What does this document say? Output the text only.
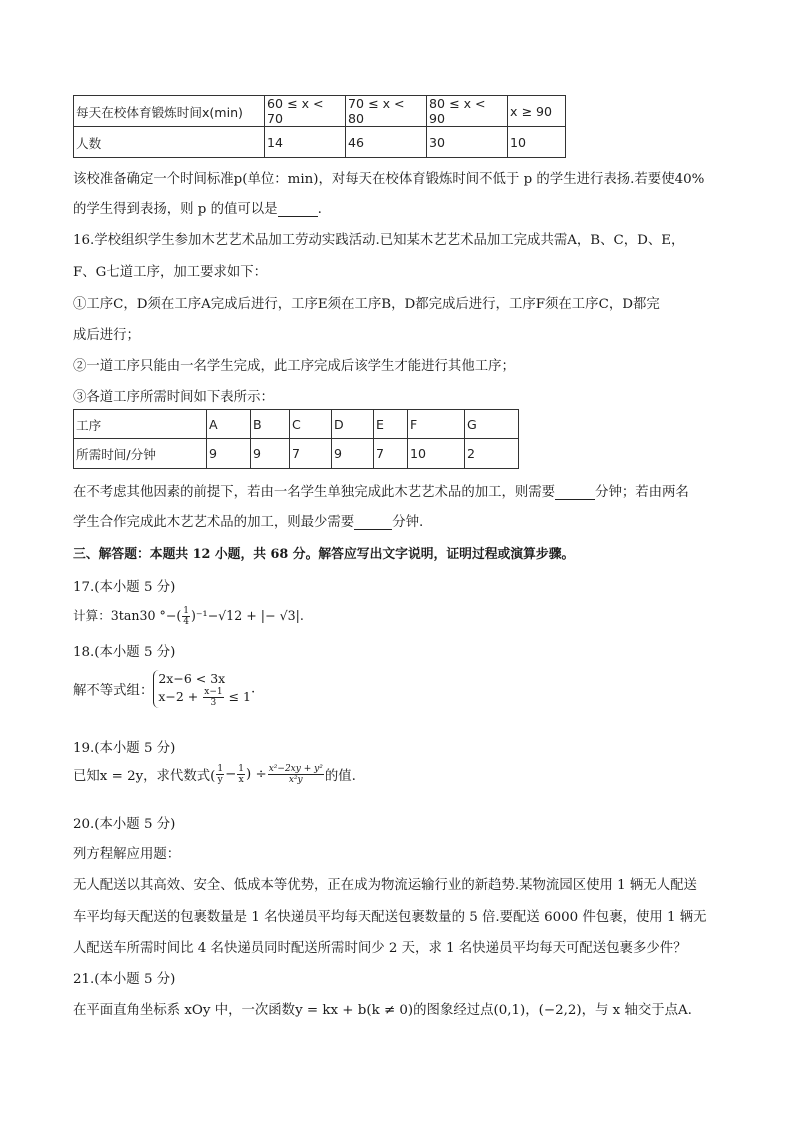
每天在校体育锻炼时间x(min)	60 ≤ x < 70	70 ≤ x < 80	80 ≤ x < 90	x ≥ 90
人数	14	46	30	10
该校准备确定一个时间标准p(单位：min)，对每天在校体育锻炼时间不低于 p 的学生进行表扬.若要使40%
的学生得到表扬，则 p 的值可以是	.
16.学校组织学生参加木艺艺术品加工劳动实践活动.已知某木艺艺术品加工完成共需A，B、C，D、E，
F、G七道工序，加工要求如下：
①工序C，D须在工序A完成后进行，工序E须在工序B，D都完成后进行，工序F须在工序C，D都完
成后进行；
②一道工序只能由一名学生完成，此工序完成后该学生才能进行其他工序；
③各道工序所需时间如下表所示：
工序	A	B	C	D	E	F	G
所需时间/分钟	9	9	7	9	7	10	2
在不考虑其他因素的前提下，若由一名学生单独完成此木艺艺术品的加工，则需要	分钟；若由两名
学生合作完成此木艺艺术品的加工，则最少需要	分钟.
三、解答题：本题共 12 小题，共 68 分。解答应写出文字说明，证明过程或演算步骤。
17.(本小题 5 分)
计算：3tan30 °−( $\frac{1}{4} )^{-1}-√12$ + |− √3|.
18.(本小题 5 分)
解不等式组：
2x−6 < 3x
$x-2 + \frac{x-1}{3} \le 1$ .
19.(本小题 5 分)
已知x = 2y，求代数式( $\frac{1}{y} - \frac{1}{x}$ ) ÷ $\frac{\text{x²−2xy + y²}}{\text{x²y}}$ 的值.
20.(本小题 5 分)
列方程解应用题：
无人配送以其高效、安全、低成本等优势，正在成为物流运输行业的新趋势.某物流园区使用 1 辆无人配送
车平均每天配送的包裹数量是 1 名快递员平均每天配送包裹数量的 5 倍.要配送 6000 件包裹，使用 1 辆无
人配送车所需时间比 4 名快递员同时配送所需时间少 2 天，求 1 名快递员平均每天可配送包裹多少件？
21.(本小题 5 分)
在平面直角坐标系 xOy 中，一次函数y = kx + b(k ≠ 0)的图象经过点(0,1)，(−2,2)，与 x 轴交于点A.
